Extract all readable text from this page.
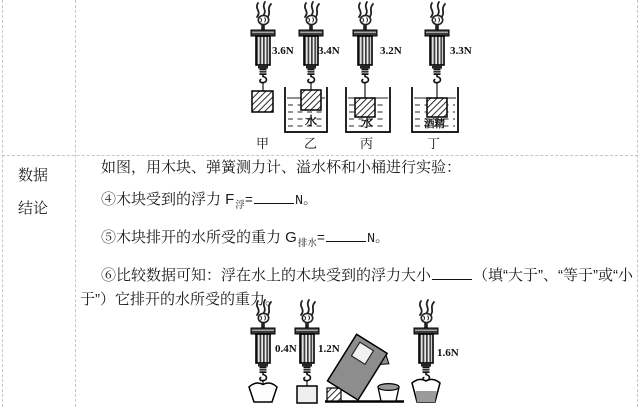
3.6N 3.4N	3.2N	3.3N
水	水	酒精
甲	乙	丙	丁
0.4N 1.2N	1.6N
数据
结论

如图，用木块、弹簧测力计、溢水杯和小桶进行实验：

④木块受到的浮力 $F_浮=$	N。

⑤木块排开的水所受的重力 $G_{排水}=$	N。

⑥比较数据可知：浮在水上的木块受到的浮力大小	（填“大于”、“等于”或“小于”）它排开的水所受的重力。
